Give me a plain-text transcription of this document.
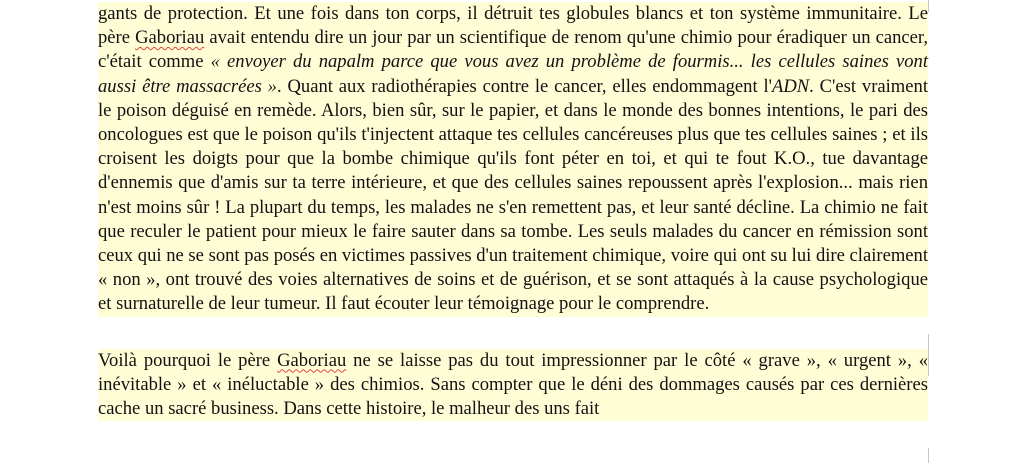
gants de protection. Et une fois dans ton corps, il détruit tes globules blancs et ton système immunitaire. Le père Gaboriau avait entendu dire un jour par un scientifique de renom qu'une chimio pour éradiquer un cancer, c'était comme « envoyer du napalm parce que vous avez un problème de fourmis... les cellules saines vont aussi être massacrées ». Quant aux radiothérapies contre le cancer, elles endommagent l'ADN. C'est vraiment le poison déguisé en remède. Alors, bien sûr, sur le papier, et dans le monde des bonnes intentions, le pari des oncologues est que le poison qu'ils t'injectent attaque tes cellules cancéreuses plus que tes cellules saines ; et ils croisent les doigts pour que la bombe chimique qu'ils font péter en toi, et qui te fout K.O., tue davantage d'ennemis que d'amis sur ta terre intérieure, et que des cellules saines repoussent après l'explosion... mais rien n'est moins sûr ! La plupart du temps, les malades ne s'en remettent pas, et leur santé décline. La chimio ne fait que reculer le patient pour mieux le faire sauter dans sa tombe. Les seuls malades du cancer en rémission sont ceux qui ne se sont pas posés en victimes passives d'un traitement chimique, voire qui ont su lui dire clairement « non », ont trouvé des voies alternatives de soins et de guérison, et se sont attaqués à la cause psychologique et surnaturelle de leur tumeur. Il faut écouter leur témoignage pour le comprendre.

Voilà pourquoi le père Gaboriau ne se laisse pas du tout impressionner par le côté « grave », « urgent », « inévitable » et « inéluctable » des chimios. Sans compter que le déni des dommages causés par ces dernières cache un sacré business. Dans cette histoire, le malheur des uns fait
